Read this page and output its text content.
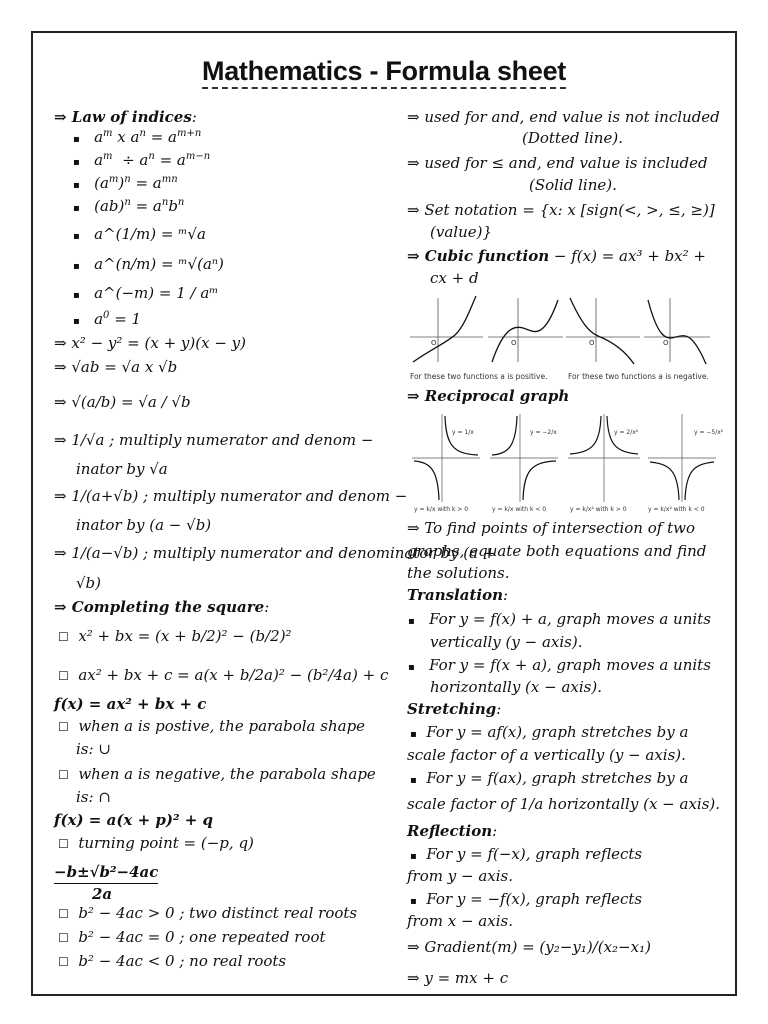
Mathematics - Formula sheet
⇒ Law of indices:
▪ $a^m$ x $a^n = a^{m+n}$
▪ $a^m \div a^n = a^{m-n}$
▪ $(a^m)^n = a^{mn}$
▪ $(ab)^n = a^nb^n$
▪ a^(1/m) = ᵐ√a
▪ a^(n/m) = ᵐ√(aⁿ)
▪ a^(−m) = 1 / aᵐ
▪ $a^0 = 1$
⇒ x² − y² = (x + y)(x − y)
⇒ √ab = √a x √b
⇒ √(a/b) = √a / √b
⇒ 1/√a ; multiply numerator and denom −
inator by √a
⇒ 1/(a+√b) ; multiply numerator and denom −
inator by (a − √b)
⇒ 1/(a−√b) ; multiply numerator and denominator by (a +
√b)
⇒ Completing the square:
☐ x² + bx = (x + b/2)² − (b/2)²
☐ ax² + bx + c = a(x + b/2a)² − (b²/4a) + c
f(x) = ax² + bx + c
☐ when a is postive, the parabola shape
is: ∪
☐ when a is negative, the parabola shape
is: ∩
f(x) = a(x + p)² + q
☐ turning point = (−p, q)
−b±√b²−4ac
2a
☐ b² − 4ac > 0 ; two distinct real roots
☐ b² − 4ac = 0 ; one repeated root
☐ b² − 4ac < 0 ; no real roots
⇒ used for and, end value is not included
(Dotted line).
⇒ used for ≤ and, end value is included
(Solid line).
⇒ Set notation = {x: x [sign(<, >, ≤, ≥)]
(value)}
⇒ Cubic function − f(x) = ax³ + bx² +
cx + d
O	O	O	O
For these two functions a is positive.	For these two functions a is negative.
⇒ Reciprocal graph
y = 1/x
y = k/x with k > 0
y = −2/x
y = k/x with k < 0
y = 2/x²
y = k/x² with k > 0
y = −5/x²
y = k/x² with k < 0
⇒ To find points of intersection of two
graphs, equate both equations and find
the solutions.
Translation:
▪ For y = f(x) + a, graph moves a units
vertically (y − axis).
▪ For y = f(x + a), graph moves a units
horizontally (x − axis).
Stretching:
▪ For y = af(x), graph stretches by a
scale factor of a vertically (y − axis).
▪ For y = f(ax), graph stretches by a
scale factor of 1/a horizontally (x − axis).
Reflection:
▪ For y = f(−x), graph reflects
from y − axis.
▪ For y = −f(x), graph reflects
from x − axis.
⇒ Gradient(m) = (y₂−y₁)/(x₂−x₁)
⇒ y = mx + c
